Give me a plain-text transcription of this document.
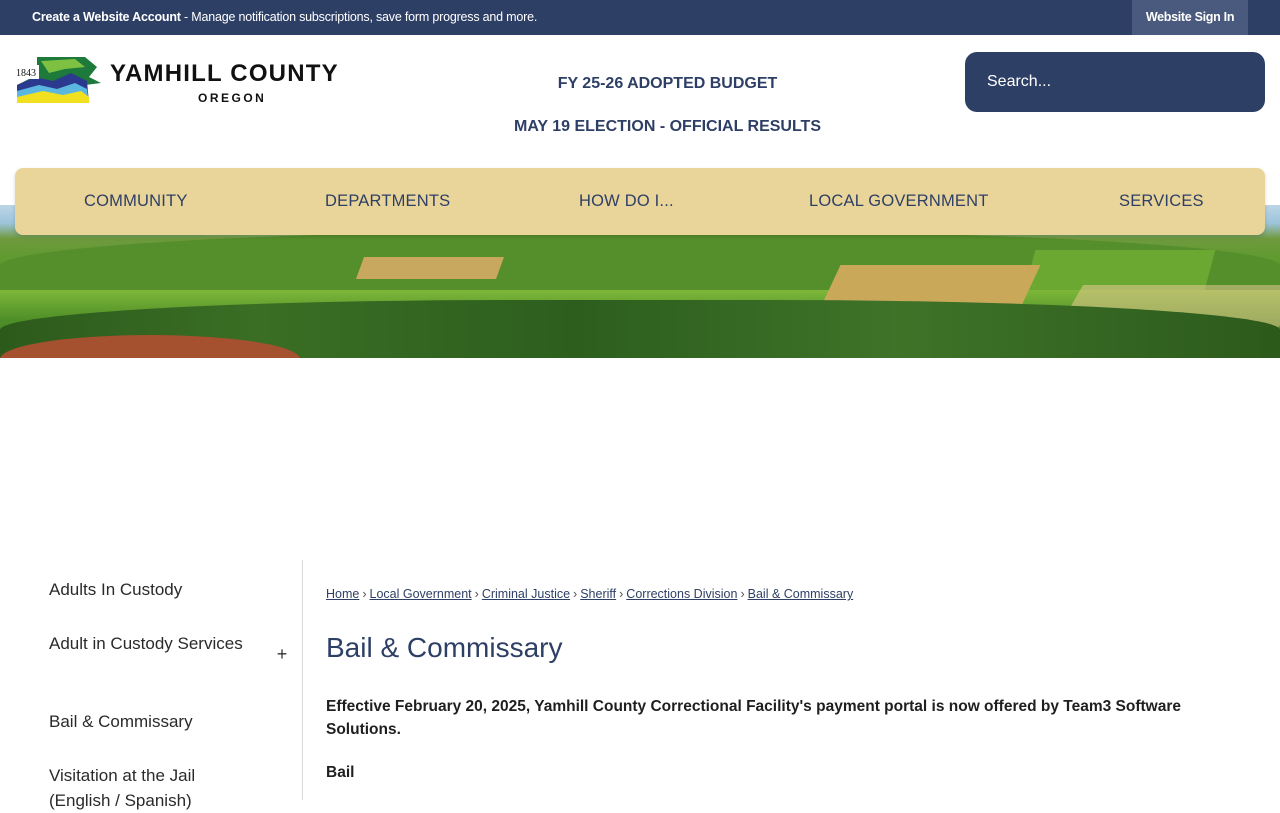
Create a Website Account - Manage notification subscriptions, save form progress and more.	Website Sign In
1843	YAMHILL COUNTY
OREGON
FY 25-26 ADOPTED BUDGET
MAY 19 ELECTION - OFFICIAL RESULTS
Search...
COMMUNITY	DEPARTMENTS	HOW DO I...	LOCAL GOVERNMENT	SERVICES
Adults In Custody
Adult in Custody Services
+
Bail & Commissary
Visitation at the Jail (English / Spanish)
Home › Local Government › Criminal Justice › Sheriff › Corrections Division › Bail & Commissary
Bail & Commissary
Effective February 20, 2025, Yamhill County Correctional Facility's payment portal is now offered by Team3 Software Solutions.
Bail
